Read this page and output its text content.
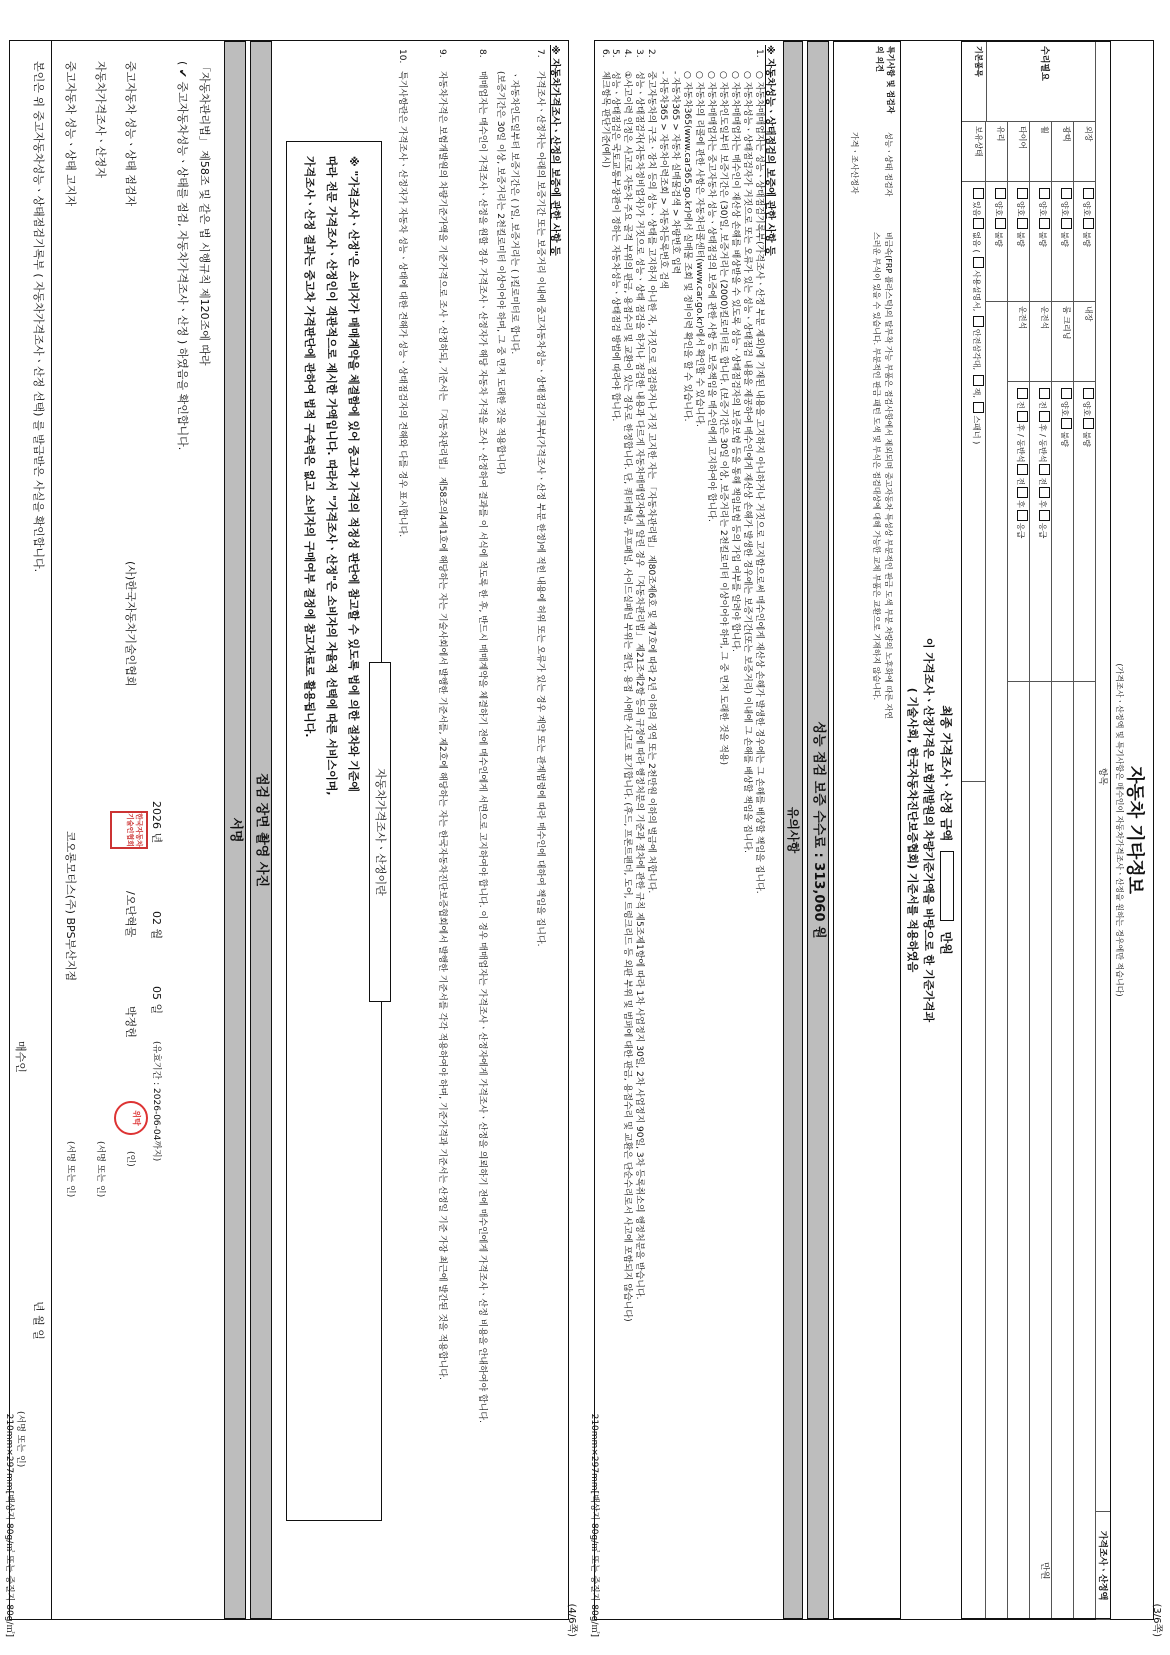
(4/6쪽)
※ 자동차가격조사ㆍ산정의 보증에 관한 사항 등
7.
가격조사ㆍ산정자는 아래의 보증기간 또는 보증거리 이내에 중고자동차성능ㆍ상태점검기록부(가격조사ㆍ산정 부분 한정)에 적힌 내용에 허위 또는 오류가 있는 경우 계약 또는 관계법령에 따라 매수인에 대하여 책임을 집니다.
ㆍ자동차인도일부터 보증기간은 ( )일, 보증거리는 ( )킬로미터로 합니다.
(보증기간은 30일 이상, 보증거리는 2천킬로미터 이상이어야 하며, 그 중 먼저 도래한 것을 적용합니다)
8.
매매업자는 매수인이 가격조사ㆍ산정을 원할 경우 가격조사ㆍ산정자가 해당 자동차 가격을 조사ㆍ산정하여 결과를 이 서식에 적도록 한 후, 반드시 매매계약을 체결하기 전에 매수인에게 서면으로 고지하여야 합니다. 이 경우 매매업자는 가격조사ㆍ산정자에게 가격조사ㆍ산정을 의뢰하기 전에 매수인에게 가격조사ㆍ산정 비용을 안내하여야 합니다.
9.
자동차가격은 보험개발원의 차량기준가액을 기준가격으로 조사ㆍ산정하되, 기준서는 「자동차관리법」 제58조의4제1호에 해당하는 자는 기술사회에서 발행한 기준서를, 제2호에 해당하는 자는 한국자동차진단보증협회에서 발행한 기준서를 각각 적용하여야 하며, 기준가격과 기준서는 산정일 기준 가장 최근에 발간된 것을 적용합니다.
10.
특기사항란은 가격조사ㆍ산정자가 자동차 성능ㆍ상태에 대한 견해가 성능ㆍ상태점검자의 견해와 다를 경우 표시합니다.
자동차가격조사ㆍ산정이란
※ "가격조사ㆍ산정"은 소비자가 매매계약을 체결함에 있어 중고차 가격의 적정성 판단에 참고할 수 있도록 법에 의한 절차와 기준에
따라 전문 가격조사ㆍ산정인이 객관적으로 제시한 가액입니다. 따라서 "가격조사ㆍ산정"은 소비자의 자율적 선택에 따른 서비스이며,
가격조사ㆍ산정 결과는 중고차 가격판단에 관하여 법적 구속력은 없고 소비자의 구매여부 결정에 참고자료로 활용됩니다.
점검 장면 촬영 사진
서명
「자동차관리법」 제58조 및 같은 법 시행규칙 제120조에 따라
( ✔ 중고자동차성능ㆍ상태를 점검, 자동차가격조사ㆍ산정 ) 하였음을 확인합니다.
2026 년
02 월
05 일
(유효기간 : 2026-06-04까지)
중고자동차 성능ㆍ상태 점검자
(사)한국자동차기술인협회
/오단혁물
박정헌
(인)
한국자동차기술인협회
위탁
자동차가격조사ㆍ산정자
(서명 또는 인)
중고자동차 성능ㆍ상태 고지자
코오롱모터스(주) BPS부산지점
(서명 또는 인)
본인은 위 중고자동차성능ㆍ상태점검기록부 ( 자동차가격조사ㆍ산정 선택) 를 발급받은 사실을 확인합니다.
년 월 일
매수인
(서명 또는 인)
210mm×297mm[백상지 80g/㎡ 또는 중질지 80g/㎡]	(3/6쪽)
자동차 기타정보
(가격조사ㆍ산정액 및 특기사항은 매수인이 자동차가격조사ㆍ산정을 원하는 경우에만 적습니다)
항목
가격조사ㆍ산정액
수리필요
외장
양호불량
내장
양호불량
광택
양호불량
룸 크리닝
양호불량
휠
양호불량
운전석
전후 / 동반석전후응급
타이어
양호불량
운전석
전후 / 동반석전후응급
유리
양호불량
기본품목
보유상태
있음없음 ( 사용설명서, 안전삼각대, 잭, 스패너 )
만원
최종 가격조사ㆍ산정 금액  만원
이 가격조사ㆍ산정가격은 보험개발원의 차량기준가액을 바탕으로 한 기준가격과
( 기술사회, 한국자동차진단보증협회) 기준서를 적용하였음
특기사항 및 점검자의 의견
성능ㆍ상태 점검자
가격ㆍ조사산정자
비금속(FRP 플라스틱)의 탈부착 가능 부품은 점검사항에서 제외되며 중고자동차 특성상 부분적인 판금 도색 부분 차량의 노후화에 따른 자연
스러운 부식이 있을 수 있습니다. 부분적인 판금 패턴 도색 및 부식은 점검대상에 대해 가능한 교체 부품은 교환으로 기재하지 않습니다.
성능 점검 보증 수수료 : 313,060 원
유의사항
※ 자동차성능ㆍ상태점검의 보증에 관한 사항 등
1.
○ 자동차매매업자는 성능ㆍ상태점검기록부(가격조사ㆍ산정 부분 제외)에 기재된 내용을 고지하지 아니하거나 거짓으로 고지함으로써 매수인에게 재산상 손해가 발생한 경우에는 그 손해를 배상할 책임을 집니다.
○ 자동차성능ㆍ상태점검자가 거짓으로 또는 오류가 있는 성능ㆍ상태점검 내용을 제공하여 매수인에게 재산상 손해가 발생한 경우에는 보증기간(또는 보증거리) 이내에 그 손해를 배상할 책임을 집니다.
○ 자동차매매업자는 매수인이 재산상 손해를 배상받을 수 있도록 성능ㆍ상태점검자의 보증보험 등을 통해 책임보험 등의 가입 여부를 알려야 합니다.
○ 자동차인도일부터 보증기간은 (30)일, 보증거리는 (2000)킬로미터로 합니다. (보증기간은 30일 이상, 보증거리는 2천킬로미터 이상이어야 하며, 그 중 먼저 도래한 것을 적용)
○ 자동차매매업자는 중고자동차 성능ㆍ상태점검의 보증에 관한 사항 등 보증책임을 매수인에게 고지하여야 합니다.
○ 자동차의 리콜에 관한 사항은 자동차리콜센터(www.car.go.kr)에서 확인할 수 있습니다.
○ 자동차365(www.car365.go.kr)에서 실매물 조회 및 정비이력 확인을 할 수 있습니다.
- 자동차365 > 자동차 실매물검색 > 차량번호 입력
- 자동차365 > 자동차이력조회 > 자동차등록번호 검색
2.
중고자동차의 구조ㆍ장치 등의 성능ㆍ상태를 고지하지 아니한 자, 거짓으로 점검하거나 거짓 고지한 자는 「자동차관리법」 제80조제6호 및 제7호에 따라 2년 이하의 징역 또는 2천만원 이하의 벌금에 처합니다.
3.
성능ㆍ상태점검자(자동차정비업자)가 거짓으로 성능ㆍ상태 점검을 하거나 점검한 내용과 다르게 자동차매매업자에게 알린 경우 「자동차관리법」 제21조제2항 등의 규정에 따라 행정처분의 기준과 절차에 관한 규칙 제5조제1항에 따라 1차 사업정지 30일, 2차 사업정지 90일, 3차 등록취소의 행정처분을 받습니다.
4.
①사고이력 인정은 사고로 자동차 주요 골격 부위의 판금, 용접수리 및 교환이 있는 경우로 한정합니다. 단, 쿼터패널, 루프패널, 사이드실패널 부위는 절단, 용접 시에만 사고로 표기합니다. (후드, 프론트펜더, 도어, 트렁크리드 등 외판 부위 및 범퍼에 대한 판금, 용접수리 및 교환은 단순수리로서 사고에 포함되지 않습니다)
5.
성능ㆍ상태점검은 국토교통부장관이 정하는 자동차성능ㆍ상태점검 방법에 따라야 합니다.
6.
체크항목 판단기준(예시)
210mm×297mm[백상지 80g/㎡ 또는 중질지 80g/㎡]
